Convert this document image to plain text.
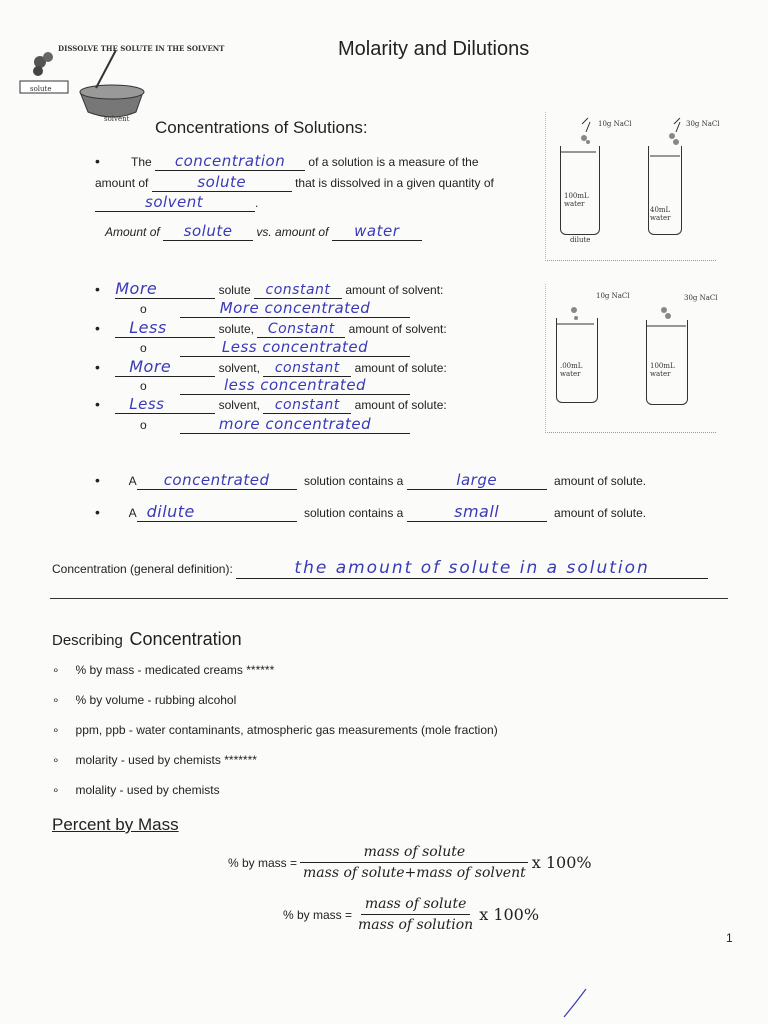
DISSOLVE THE SOLUTE IN THE SOLVENT
solute
solvent
Molarity and Dilutions
Concentrations of Solutions:
•	The concentration of a solution is a measure of the
amount of	solute	that is dissolved in a given quantity of
solvent	.
Amount of solute vs. amount of water
10g NaCl	30g NaCl
100mL water
40mL water
dilute
10g NaCl	30g NaCl
.00mL water
100mL water
• More	solute constant amount of solvent:
o	More concentrated
• Less	solute, Constant amount of solvent:
o	Less concentrated
• More	solvent, constant amount of solute:
o	less concentrated
• Less	solvent, constant amount of solute:
o	more concentrated
• A concentrated	solution contains a	large	amount of solute.
• A dilute	solution contains a	small	amount of solute.
Concentration (general definition):	the amount of solute in a solution
Describing Concentration
∘ % by mass - medicated creams ******
∘ % by volume - rubbing alcohol
∘ ppm, ppb - water contaminants, atmospheric gas measurements (mole fraction)
∘ molarity - used by chemists *******
∘ molality - used by chemists
Percent by Mass
% by mass = $\frac{\text{mass of solute}}{\text{mass of solute+mass of solvent}}$ x 100%
% by mass = $\frac{\text{mass of solute}}{\text{mass of solution}}$ x 100%
1
